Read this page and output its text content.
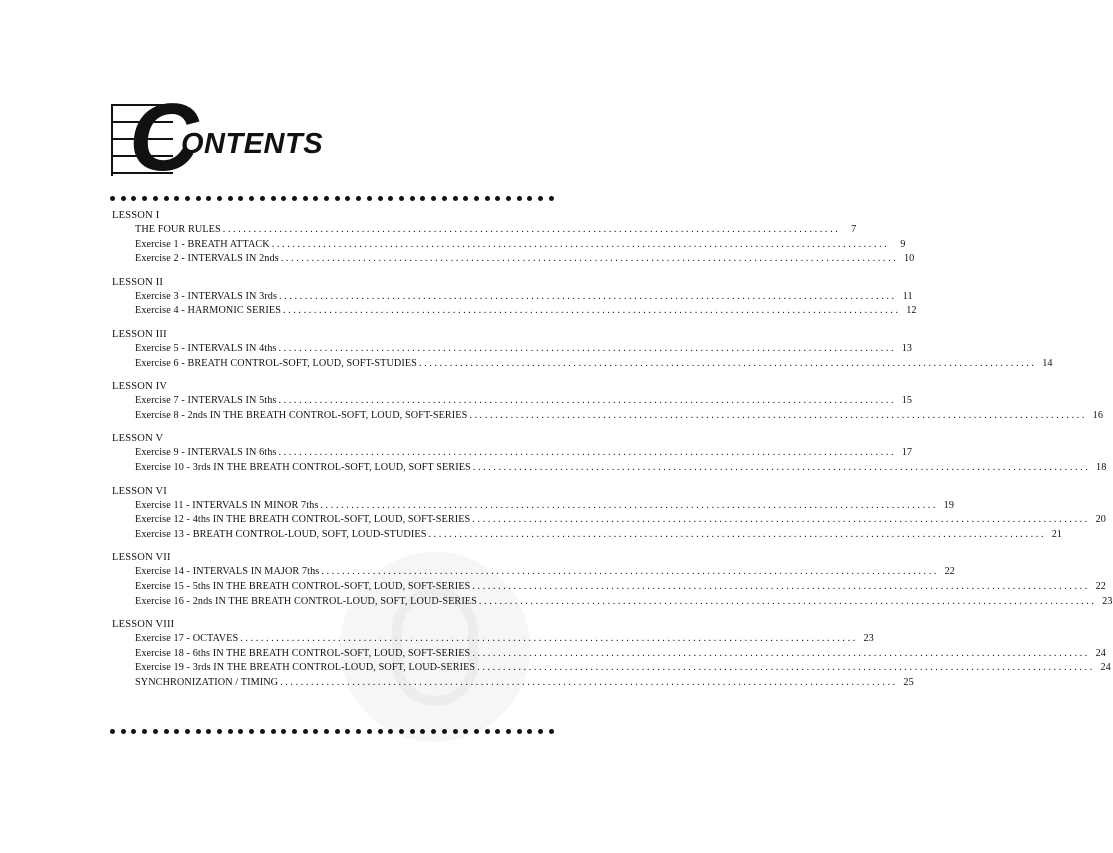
C
ONTENTS
LESSON I
THE FOUR RULES ........................................................................................................................	7
Exercise 1 - BREATH ATTACK ........................................................................................................................	9
Exercise 2 - INTERVALS IN 2nds ........................................................................................................................ 10
LESSON II
Exercise 3 - INTERVALS IN 3rds ........................................................................................................................ 11
Exercise 4 - HARMONIC SERIES ........................................................................................................................ 12
LESSON III
Exercise 5 - INTERVALS IN 4ths ........................................................................................................................ 13
Exercise 6 - BREATH CONTROL-SOFT, LOUD, SOFT-STUDIES ........................................................................................................................ 14
LESSON IV
Exercise 7 - INTERVALS IN 5ths ........................................................................................................................ 15
Exercise 8 - 2nds IN THE BREATH CONTROL-SOFT, LOUD, SOFT-SERIES ........................................................................................................................ 16
LESSON V
Exercise 9 - INTERVALS IN 6ths ........................................................................................................................ 17
Exercise 10 - 3rds IN THE BREATH CONTROL-SOFT, LOUD, SOFT SERIES ........................................................................................................................ 18
LESSON VI
Exercise 11 - INTERVALS IN MINOR 7ths ........................................................................................................................ 19
Exercise 12 - 4ths IN THE BREATH CONTROL-SOFT, LOUD, SOFT-SERIES ........................................................................................................................ 20
Exercise 13 - BREATH CONTROL-LOUD, SOFT, LOUD-STUDIES ........................................................................................................................ 21
LESSON VII
Exercise 14 - INTERVALS IN MAJOR 7ths ........................................................................................................................ 22
Exercise 15 - 5ths IN THE BREATH CONTROL-SOFT, LOUD, SOFT-SERIES ........................................................................................................................ 22
Exercise 16 - 2nds IN THE BREATH CONTROL-LOUD, SOFT, LOUD-SERIES ........................................................................................................................ 23
LESSON VIII
Exercise 17 - OCTAVES ........................................................................................................................ 23
Exercise 18 - 6ths IN THE BREATH CONTROL-SOFT, LOUD, SOFT-SERIES ........................................................................................................................ 24
Exercise 19 - 3rds IN THE BREATH CONTROL-LOUD, SOFT, LOUD-SERIES ........................................................................................................................ 24
SYNCHRONIZATION / TIMING ........................................................................................................................ 25
